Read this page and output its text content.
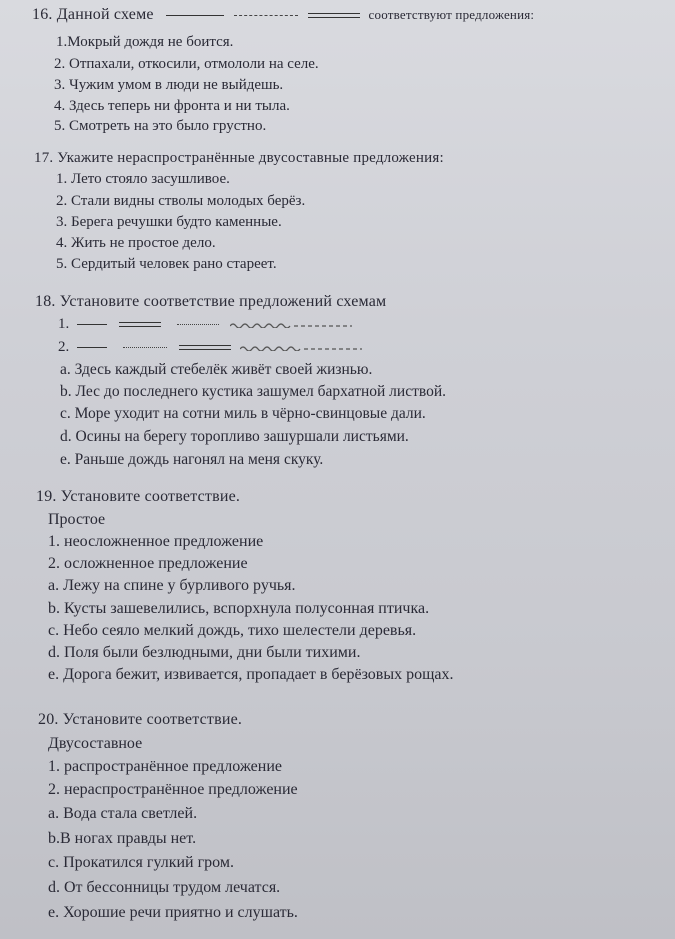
16. Данной схеме	соответствуют предложения:
1.Мокрый дождя не боится.
2. Отпахали, откосили, отмололи на селе.
3. Чужим умом в люди не выйдешь.
4. Здесь теперь ни фронта и ни тыла.
5. Смотреть на это было грустно.
17. Укажите нераспространённые двусоставные предложения:
1. Лето стояло засушливое.
2. Стали видны стволы молодых берёз.
3. Берега речушки будто каменные.
4. Жить не простое дело.
5. Сердитый человек рано стареет.
18. Установите соответствие предложений схемам
1.
2.
a. Здесь каждый стебелёк живёт своей жизнью.
b. Лес до последнего кустика зашумел бархатной листвой.
c. Море уходит на сотни миль в чёрно-свинцовые дали.
d. Осины на берегу торопливо зашуршали листьями.
e. Раньше дождь нагонял на меня скуку.
19. Установите соответствие.
Простое
1. неосложненное предложение
2. осложненное предложение
a. Лежу на спине у бурливого ручья.
b. Кусты зашевелились, вспорхнула полусонная птичка.
c. Небо сеяло мелкий дождь, тихо шелестели деревья.
d. Поля были безлюдными, дни были тихими.
e. Дорога бежит, извивается, пропадает в берёзовых рощах.
20. Установите соответствие.
Двусоставное
1. распространённое предложение
2. нераспространённое предложение
a. Вода стала светлей.
b.В ногах правды нет.
c. Прокатился гулкий гром.
d. От бессонницы трудом лечатся.
e. Хорошие речи приятно и слушать.
